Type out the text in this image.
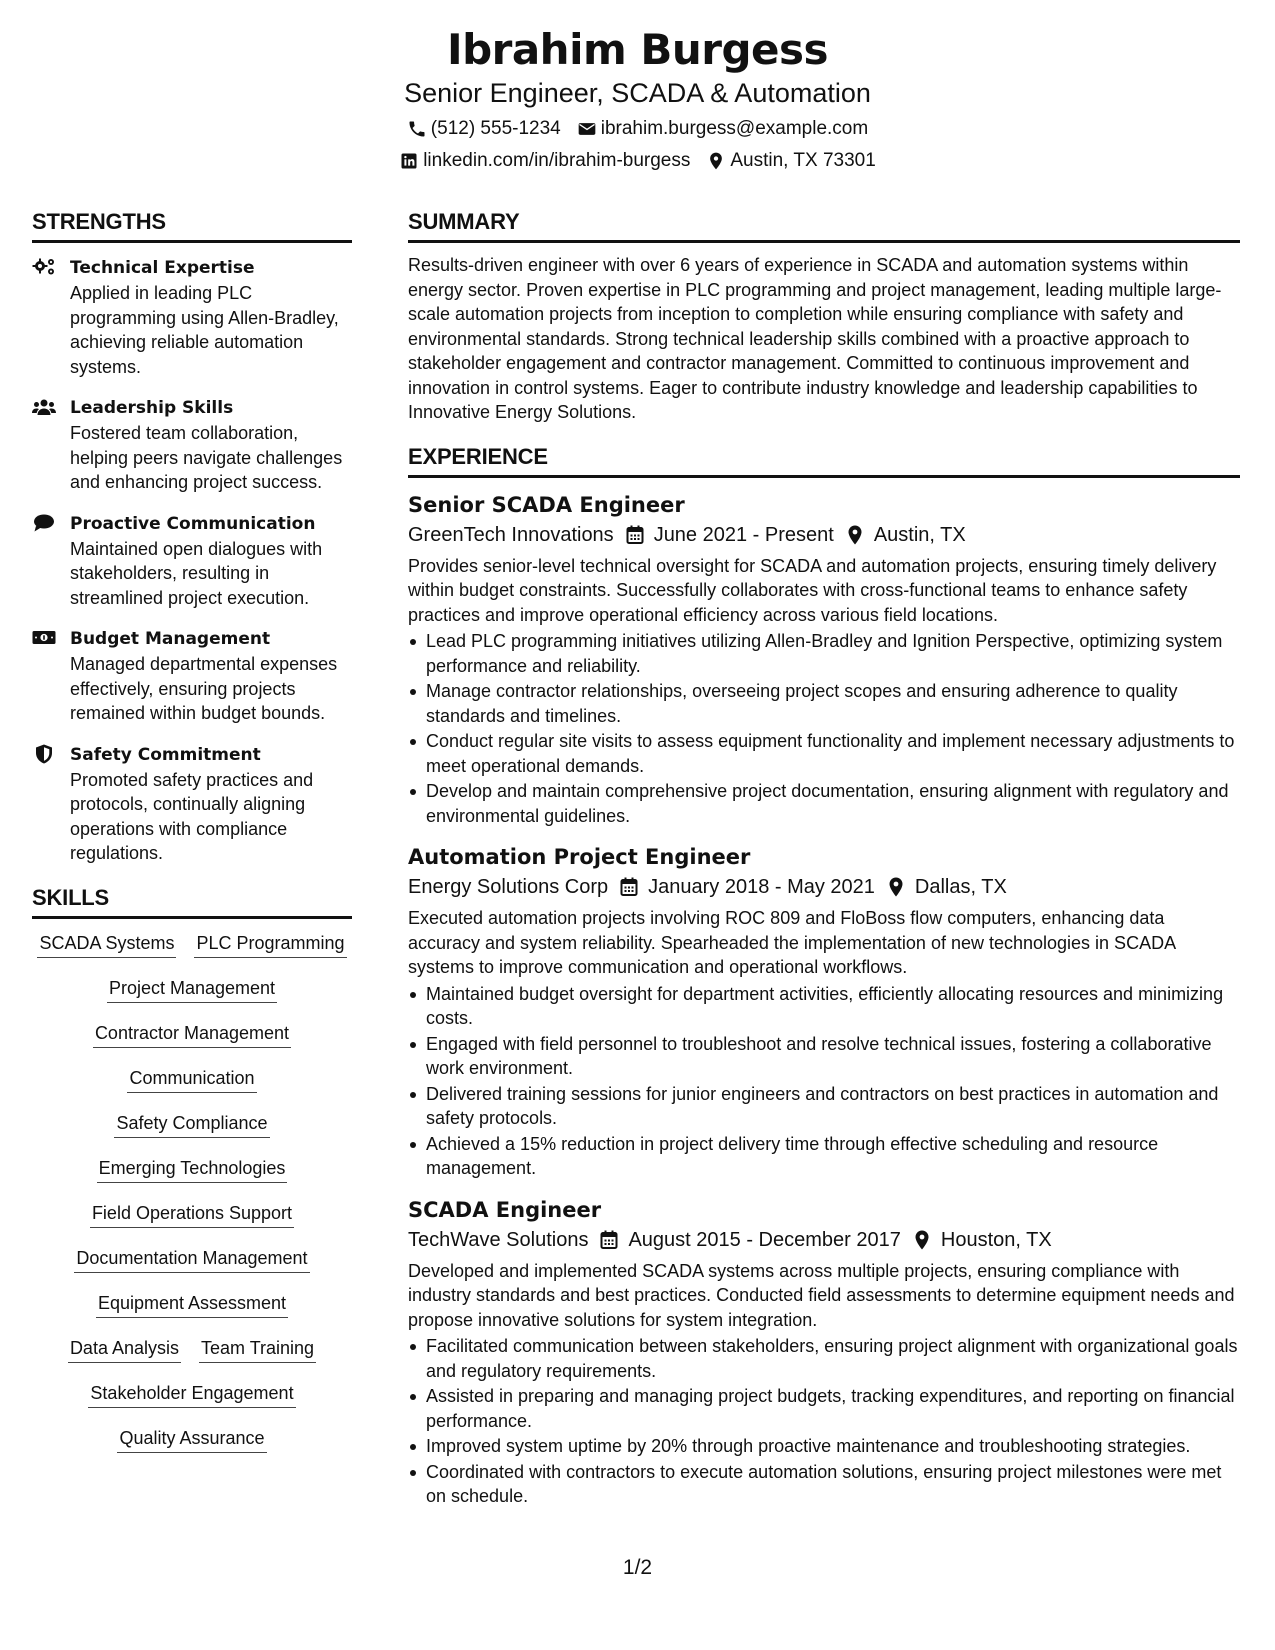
Ibrahim Burgess
Senior Engineer, SCADA & Automation
(512) 555-1234 ibrahim.burgess@example.com
linkedin.com/in/ibrahim-burgess Austin, TX 73301
STRENGTHS
Technical Expertise
Applied in leading PLC programming using Allen-Bradley, achieving reliable automation systems.
Leadership Skills
Fostered team collaboration, helping peers navigate challenges and enhancing project success.
Proactive Communication
Maintained open dialogues with stakeholders, resulting in streamlined project execution.
Budget Management
Managed departmental expenses effectively, ensuring projects remained within budget bounds.
Safety Commitment
Promoted safety practices and protocols, continually aligning operations with compliance regulations.
SKILLS
SCADA Systems PLC Programming
Project Management
Contractor Management
Communication
Safety Compliance
Emerging Technologies
Field Operations Support
Documentation Management
Equipment Assessment
Data Analysis Team Training
Stakeholder Engagement
Quality Assurance
SUMMARY
Results-driven engineer with over 6 years of experience in SCADA and automation systems within energy sector. Proven expertise in PLC programming and project management, leading multiple large-scale automation projects from inception to completion while ensuring compliance with safety and environmental standards. Strong technical leadership skills combined with a proactive approach to stakeholder engagement and contractor management. Committed to continuous improvement and innovation in control systems. Eager to contribute industry knowledge and leadership capabilities to Innovative Energy Solutions.
EXPERIENCE
Senior SCADA Engineer
GreenTech Innovations June 2021 - Present Austin, TX
Provides senior-level technical oversight for SCADA and automation projects, ensuring timely delivery within budget constraints. Successfully collaborates with cross-functional teams to enhance safety practices and improve operational efficiency across various field locations.
Lead PLC programming initiatives utilizing Allen-Bradley and Ignition Perspective, optimizing system performance and reliability.
Manage contractor relationships, overseeing project scopes and ensuring adherence to quality standards and timelines.
Conduct regular site visits to assess equipment functionality and implement necessary adjustments to meet operational demands.
Develop and maintain comprehensive project documentation, ensuring alignment with regulatory and environmental guidelines.
Automation Project Engineer
Energy Solutions Corp January 2018 - May 2021 Dallas, TX
Executed automation projects involving ROC 809 and FloBoss flow computers, enhancing data accuracy and system reliability. Spearheaded the implementation of new technologies in SCADA systems to improve communication and operational workflows.
Maintained budget oversight for department activities, efficiently allocating resources and minimizing costs.
Engaged with field personnel to troubleshoot and resolve technical issues, fostering a collaborative work environment.
Delivered training sessions for junior engineers and contractors on best practices in automation and safety protocols.
Achieved a 15% reduction in project delivery time through effective scheduling and resource management.
SCADA Engineer
TechWave Solutions August 2015 - December 2017 Houston, TX
Developed and implemented SCADA systems across multiple projects, ensuring compliance with industry standards and best practices. Conducted field assessments to determine equipment needs and propose innovative solutions for system integration.
Facilitated communication between stakeholders, ensuring project alignment with organizational goals and regulatory requirements.
Assisted in preparing and managing project budgets, tracking expenditures, and reporting on financial performance.
Improved system uptime by 20% through proactive maintenance and troubleshooting strategies.
Coordinated with contractors to execute automation solutions, ensuring project milestones were met on schedule.
1/2
